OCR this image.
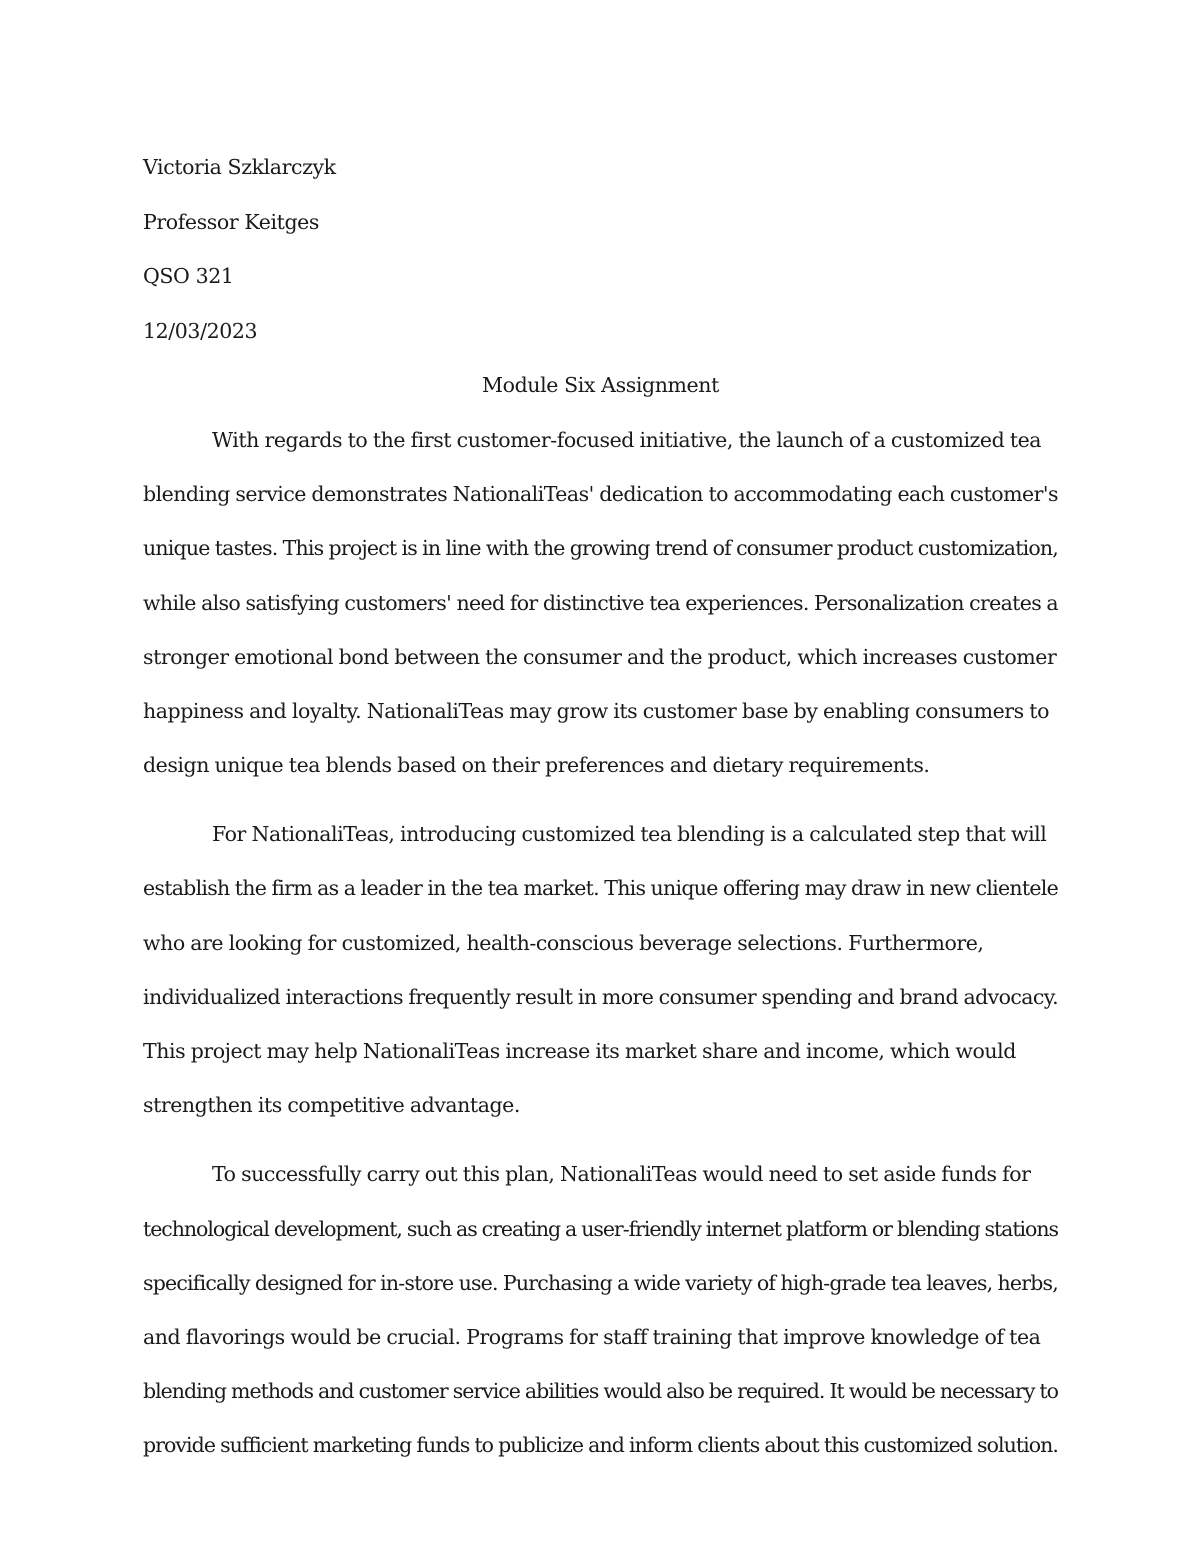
Victoria Szklarczyk
Professor Keitges
QSO 321
12/03/2023
Module Six Assignment
With regards to the first customer-focused initiative, the launch of a customized tea
blending service demonstrates NationaliTeas' dedication to accommodating each customer's
unique tastes. This project is in line with the growing trend of consumer product customization,
while also satisfying customers' need for distinctive tea experiences. Personalization creates a
stronger emotional bond between the consumer and the product, which increases customer
happiness and loyalty. NationaliTeas may grow its customer base by enabling consumers to
design unique tea blends based on their preferences and dietary requirements.
For NationaliTeas, introducing customized tea blending is a calculated step that will
establish the firm as a leader in the tea market. This unique offering may draw in new clientele
who are looking for customized, health-conscious beverage selections. Furthermore,
individualized interactions frequently result in more consumer spending and brand advocacy.
This project may help NationaliTeas increase its market share and income, which would
strengthen its competitive advantage.
To successfully carry out this plan, NationaliTeas would need to set aside funds for
technological development, such as creating a user-friendly internet platform or blending stations
specifically designed for in-store use. Purchasing a wide variety of high-grade tea leaves, herbs,
and flavorings would be crucial. Programs for staff training that improve knowledge of tea
blending methods and customer service abilities would also be required. It would be necessary to
provide sufficient marketing funds to publicize and inform clients about this customized solution.
